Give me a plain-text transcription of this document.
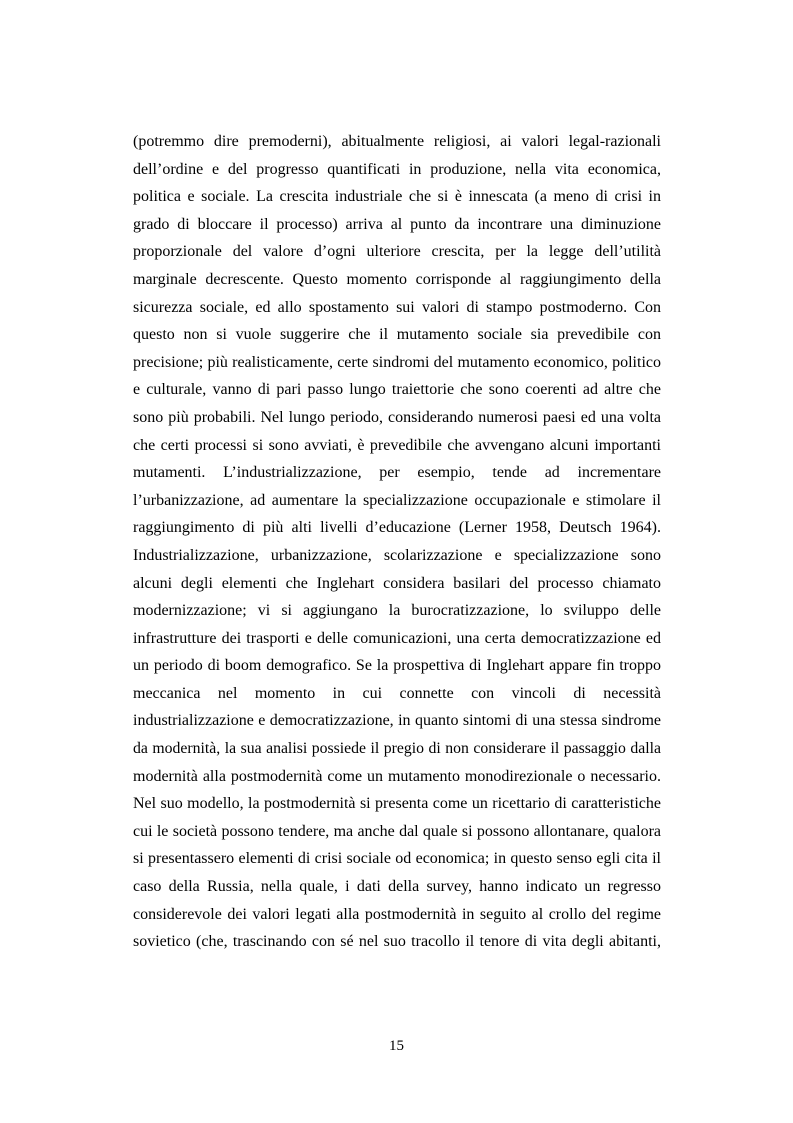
(potremmo dire premoderni), abitualmente religiosi, ai valori legal-razionali
dell’ordine e del progresso quantificati in produzione, nella vita economica,
politica e sociale. La crescita industriale che si è innescata (a meno di crisi in
grado di bloccare il processo) arriva al punto da incontrare una diminuzione
proporzionale del valore d’ogni ulteriore crescita, per la legge dell’utilità
marginale decrescente. Questo momento corrisponde al raggiungimento della
sicurezza sociale, ed allo spostamento sui valori di stampo postmoderno. Con
questo non si vuole suggerire che il mutamento sociale sia prevedibile con
precisione; più realisticamente, certe sindromi del mutamento economico, politico
e culturale, vanno di pari passo lungo traiettorie che sono coerenti ad altre che
sono più probabili. Nel lungo periodo, considerando numerosi paesi ed una volta
che certi processi si sono avviati, è prevedibile che avvengano alcuni importanti
mutamenti. L’industrializzazione, per esempio, tende ad incrementare
l’urbanizzazione, ad aumentare la specializzazione occupazionale e stimolare il
raggiungimento di più alti livelli d’educazione (Lerner 1958, Deutsch 1964).
Industrializzazione, urbanizzazione, scolarizzazione e specializzazione sono
alcuni degli elementi che Inglehart considera basilari del processo chiamato
modernizzazione; vi si aggiungano la burocratizzazione, lo sviluppo delle
infrastrutture dei trasporti e delle comunicazioni, una certa democratizzazione ed
un periodo di boom demografico. Se la prospettiva di Inglehart appare fin troppo
meccanica nel momento in cui connette con vincoli di necessità
industrializzazione e democratizzazione, in quanto sintomi di una stessa sindrome
da modernità, la sua analisi possiede il pregio di non considerare il passaggio dalla
modernità alla postmodernità come un mutamento monodirezionale o necessario.
Nel suo modello, la postmodernità si presenta come un ricettario di caratteristiche
cui le società possono tendere, ma anche dal quale si possono allontanare, qualora
si presentassero elementi di crisi sociale od economica; in questo senso egli cita il
caso della Russia, nella quale, i dati della survey, hanno indicato un regresso
considerevole dei valori legati alla postmodernità in seguito al crollo del regime
sovietico (che, trascinando con sé nel suo tracollo il tenore di vita degli abitanti,
15
